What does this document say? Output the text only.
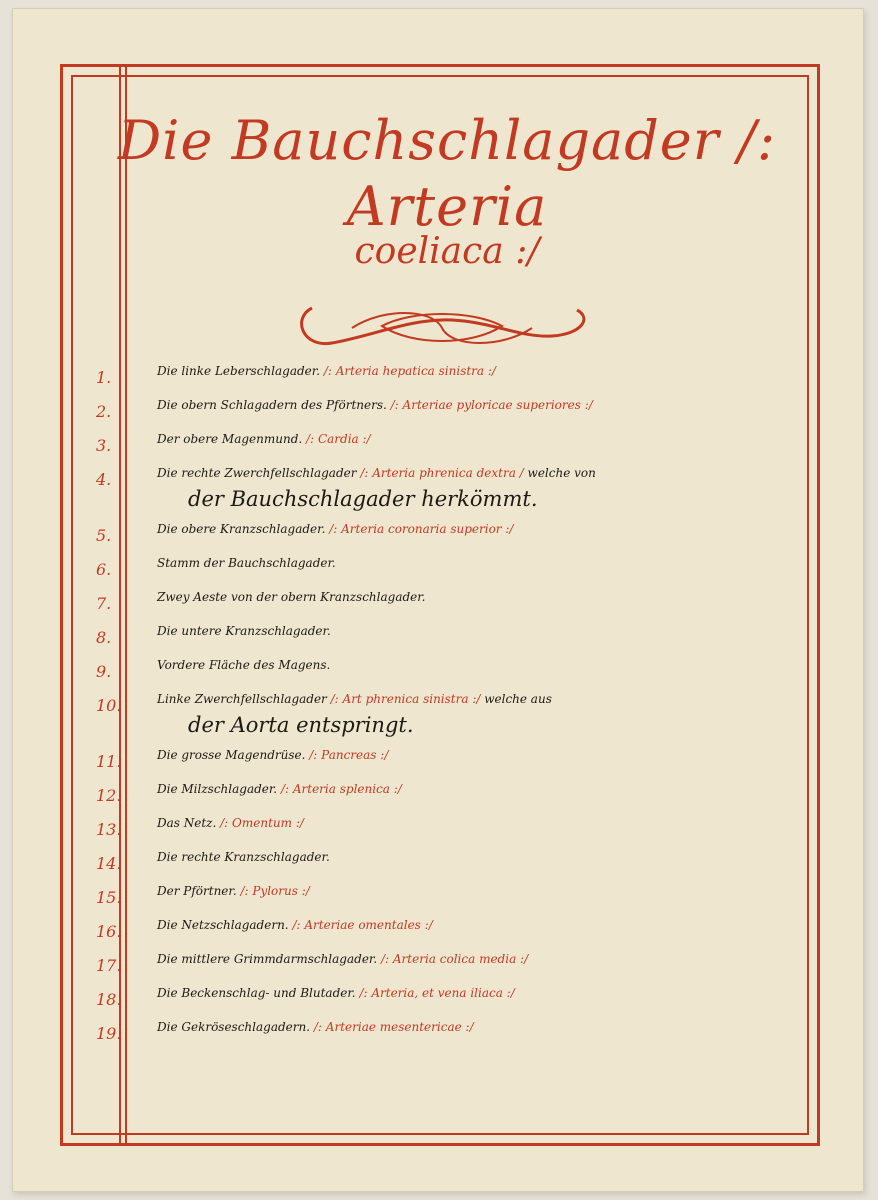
Die Bauchschlagader /: Arteria
coeliaca :/
1.	Die linke Leberschlagader. /: Arteria hepatica sinistra :/
2.	Die obern Schlagadern des Pförtners. /: Arteriae pyloricae superiores :/
3.	Der obere Magenmund. /: Cardia :/
4.	Die rechte Zwerchfellschlagader /: Arteria phrenica dextra / welche von
der Bauchschlagader herkömmt.
5.	Die obere Kranzschlagader. /: Arteria coronaria superior :/
6.	Stamm der Bauchschlagader.
7.	Zwey Aeste von der obern Kranzschlagader.
8.	Die untere Kranzschlagader.
9.	Vordere Fläche des Magens.
10.	Linke Zwerchfellschlagader /: Art phrenica sinistra :/ welche aus
der Aorta entspringt.
11.	Die grosse Magendrüse. /: Pancreas :/
12.	Die Milzschlagader. /: Arteria splenica :/
13.	Das Netz. /: Omentum :/
14.	Die rechte Kranzschlagader.
15.	Der Pförtner. /: Pylorus :/
16.	Die Netzschlagadern. /: Arteriae omentales :/
17.	Die mittlere Grimmdarmschlagader. /: Arteria colica media :/
18.	Die Beckenschlag- und Blutader. /: Arteria, et vena iliaca :/
19.	Die Gekröseschlagadern. /: Arteriae mesentericae :/
